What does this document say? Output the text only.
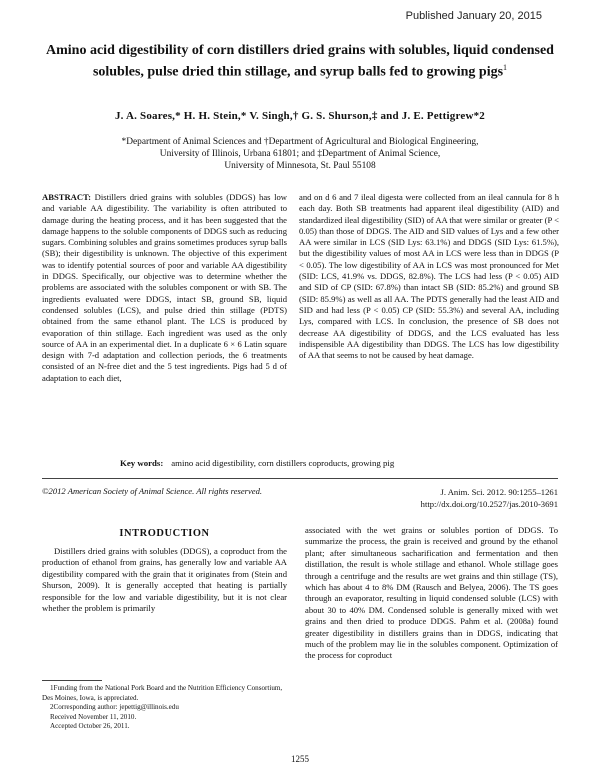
Published January 20, 2015
Amino acid digestibility of corn distillers dried grains with solubles, liquid condensed solubles, pulse dried thin stillage, and syrup balls fed to growing pigs$^1$
J. A. Soares,* H. H. Stein,* V. Singh,† G. S. Shurson,‡ and J. E. Pettigrew*2
*Department of Animal Sciences and †Department of Agricultural and Biological Engineering,
University of Illinois, Urbana 61801; and ‡Department of Animal Science,
University of Minnesota, St. Paul 55108
ABSTRACT: Distillers dried grains with solubles (DDGS) has low and variable AA digestibility. The variability is often attributed to damage during the heating process, and it has been suggested that the damage happens to the soluble components of DDGS such as reducing sugars. Combining solubles and grains sometimes produces syrup balls (SB); their digestibility is unknown. The objective of this experiment was to identify potential sources of poor and variable AA digestibility in DDGS. Specifically, our objective was to determine whether the problems are associated with the solubles component or with SB. The ingredients evaluated were DDGS, intact SB, ground SB, liquid condensed solubles (LCS), and pulse dried thin stillage (PDTS) obtained from the same ethanol plant. The LCS is produced by evaporation of thin stillage. Each ingredient was used as the only source of AA in an experimental diet. In a duplicate 6 × 6 Latin square design with 7-d adaptation and collection periods, the 6 treatments consisted of an N-free diet and the 5 test ingredients. Pigs had 5 d of adaptation to each diet,
and on d 6 and 7 ileal digesta were collected from an ileal cannula for 8 h each day. Both SB treatments had apparent ileal digestibility (AID) and standardized ileal digestibility (SID) of AA that were similar or greater (P < 0.05) than those of DDGS. The AID and SID values of Lys and a few other AA were similar in LCS (SID Lys: 63.1%) and DDGS (SID Lys: 61.5%), but the digestibility values of most AA in LCS were less than in DDGS (P < 0.05). The low digestibility of AA in LCS was most pronounced for Met (SID: LCS, 41.9% vs. DDGS, 82.8%). The LCS had less (P < 0.05) AID and SID of CP (SID: 67.8%) than intact SB (SID: 85.2%) and ground SB (SID: 85.9%) as well as all AA. The PDTS generally had the least AID and SID and had less (P < 0.05) CP (SID: 55.3%) and several AA, including Lys, compared with LCS. In conclusion, the presence of SB does not decrease AA digestibility of DDGS, and the LCS evaluated has less indispensible AA digestibility than DDGS. The LCS has low digestibility of AA that seems to not be caused by heat damage.
Key words: amino acid digestibility, corn distillers coproducts, growing pig
©2012 American Society of Animal Science. All rights reserved.	J. Anim. Sci. 2012. 90:1255–1261
http://dx.doi.org/10.2527/jas.2010-3691
INTRODUCTION

Distillers dried grains with solubles (DDGS), a coproduct from the production of ethanol from grains, has generally low and variable AA digestibility compared with the grain that it originates from (Stein and Shurson, 2009). It is generally accepted that heating is partially responsible for the low and variable digestibility, but it is not clear whether the problem is primarily

associated with the wet grains or solubles portion of DDGS. To summarize the process, the grain is received and ground by the ethanol plant; after simultaneous sacharification and fermentation and then distillation, the result is whole stillage and ethanol. Whole stillage goes through a centrifuge and the results are wet grains and thin stillage (TS), which has about 4 to 8% DM (Rausch and Belyea, 2006). The TS goes through an evaporator, resulting in liquid condensed soluble (LCS) with about 30 to 40% DM. Condensed soluble is generally mixed with wet grains and then dried to produce DDGS. Pahm et al. (2008a) found greater digestibility in distillers grains than in DDGS, indicating that much of the problem may lie in the solubles component. Optimization of the process for coproduct

1Funding from the National Pork Board and the Nutrition Efficiency Consortium, Des Moines, Iowa, is appreciated.
2Corresponding author: jepettig@illinois.edu
Received November 11, 2010.
Accepted October 26, 2011.
1255
